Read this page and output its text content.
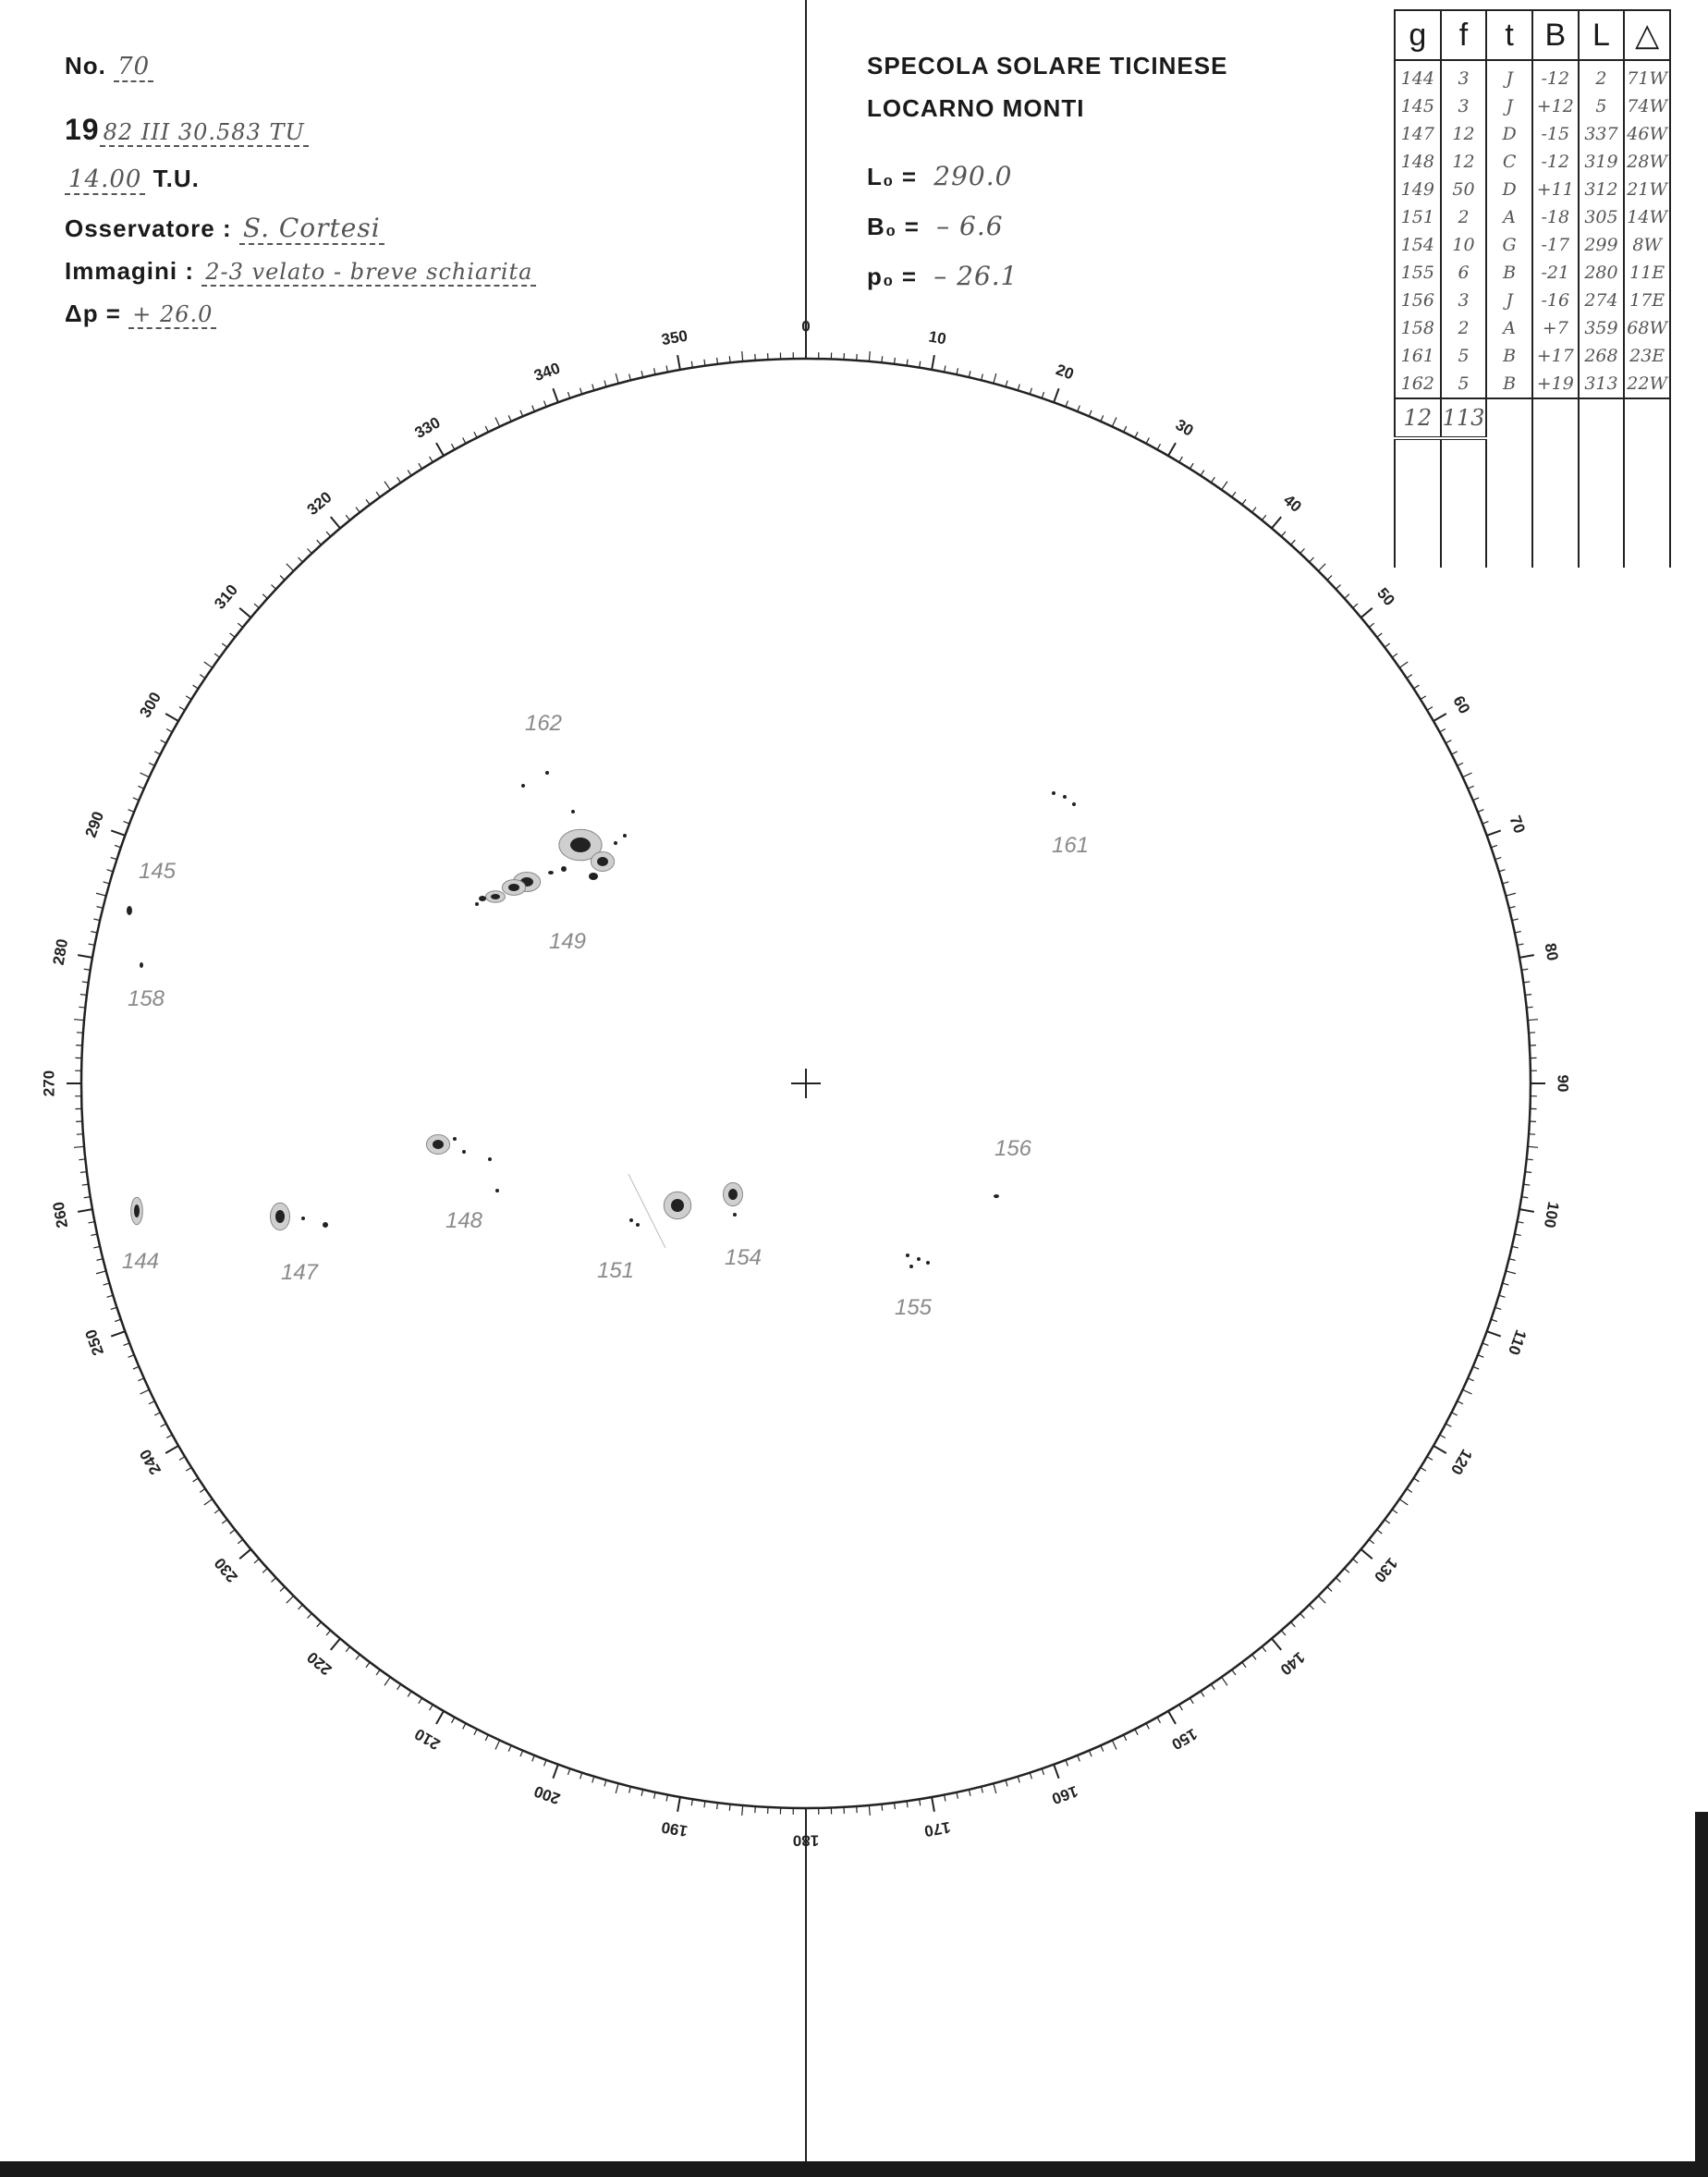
No. 70
19 82 III 30.583 TU
14.00 T.U.
Osservatore : S. Cortesi
Immagini : 2-3 velato - breve schiarita
Δp = + 26.0
SPECOLA SOLARE TICINESE
LOCARNO MONTI
L₀ = 290.0
B₀ = – 6.6
p₀ = – 26.1
g	f	t	B	L	△
144	3	J	-12	2	71W
145	3	J	+12	5	74W
147	12	D	-15	337	46W
148	12	C	-12	319	28W
149	50	D	+11	312	21W
151	2	A	-18	305	14W
154	10	G	-17	299	8W
155	6	B	-21	280	11E
156	3	J	-16	274	17E
158	2	A	+7	359	68W
161	5	B	+17	268	23E
162	5	B	+19	313	22W
12	113				

0
10
20
30
40
50
60
70
80
90
100
110
120
130
140
150
160
170
180
190
200
210
220
230
240
250
260
270
280
290
300
310
320
330
340
350
162
161
145
149
158
156
148
144	147	151
154
155
